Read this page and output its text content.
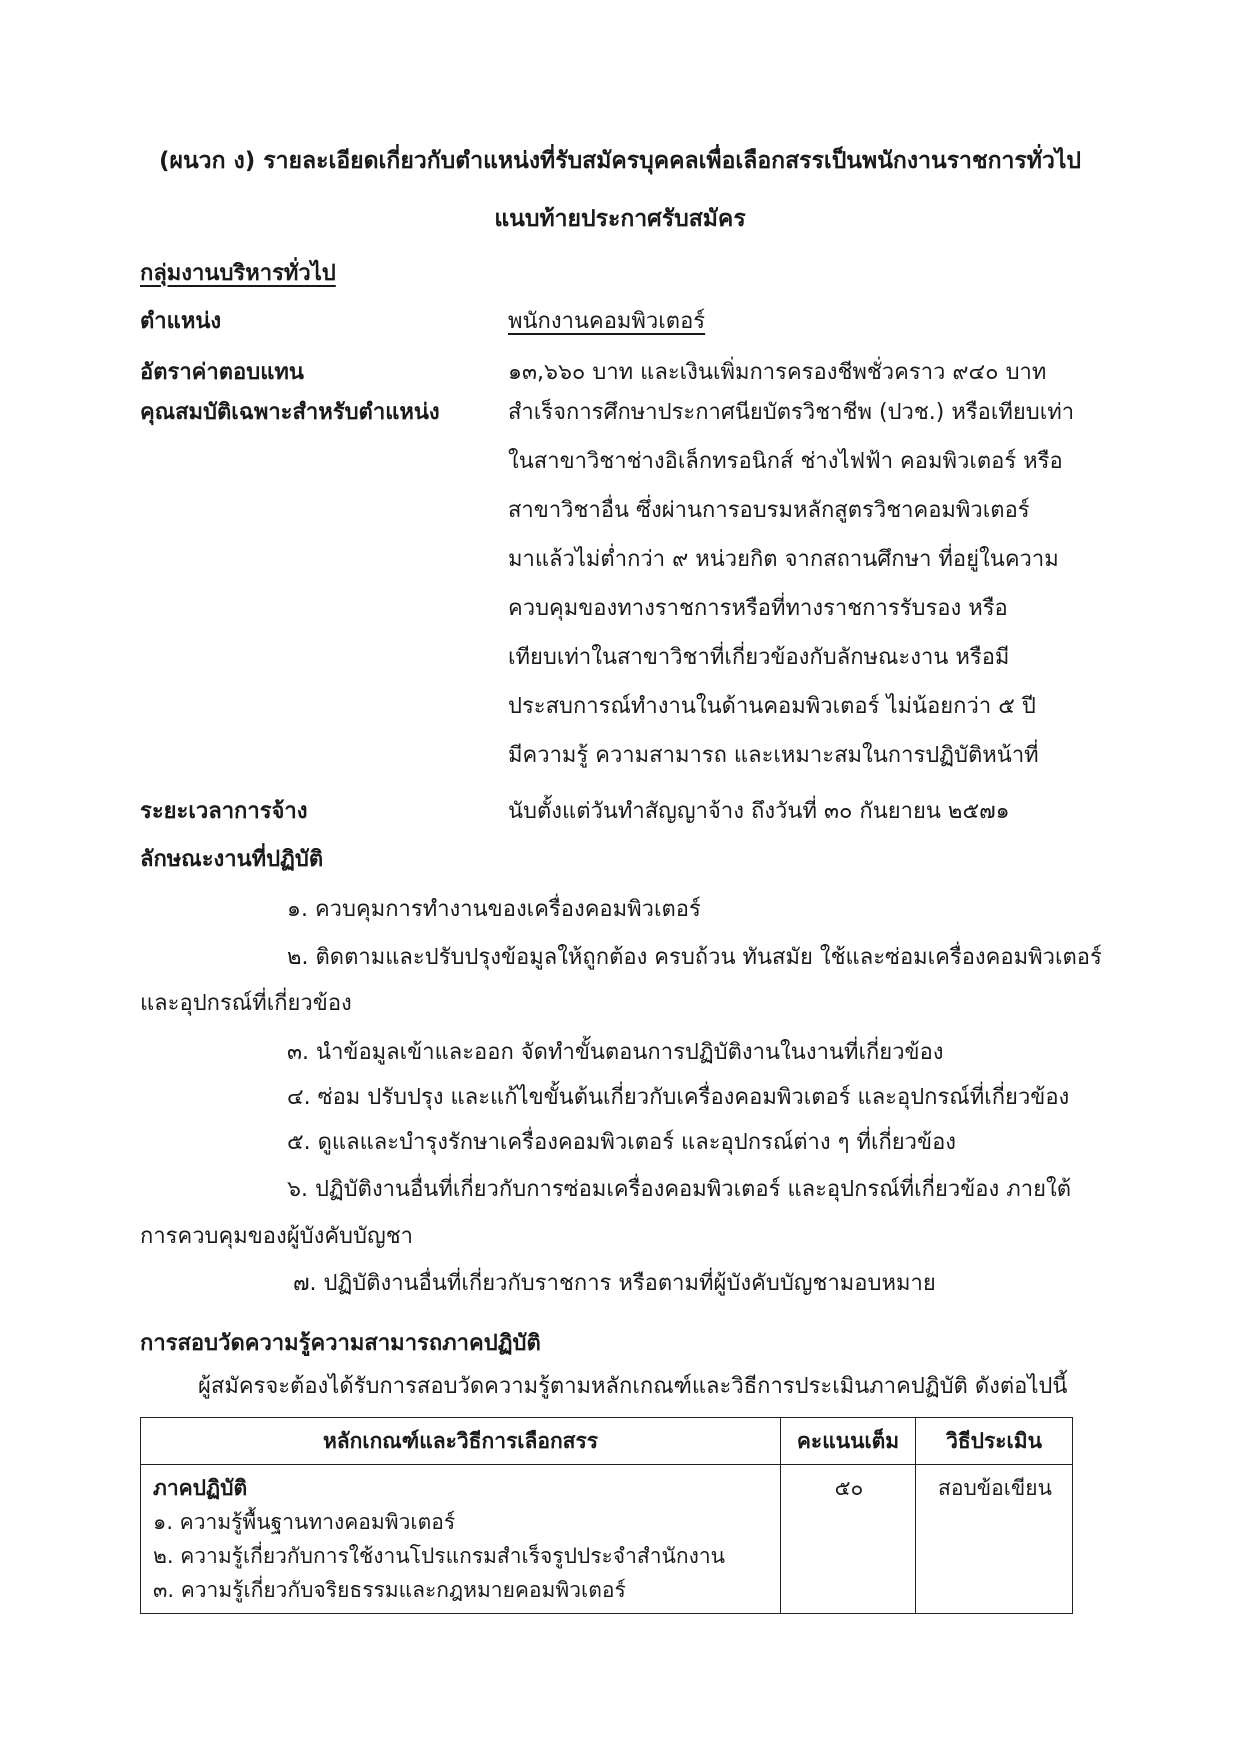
(ผนวก ง) รายละเอียดเกี่ยวกับตำแหน่งที่รับสมัครบุคคลเพื่อเลือกสรรเป็นพนักงานราชการทั่วไป
แนบท้ายประกาศรับสมัคร
กลุ่มงานบริหารทั่วไป
ตำแหน่ง	พนักงานคอมพิวเตอร์
อัตราค่าตอบแทน	๑๓,๖๖๐ บาท และเงินเพิ่มการครองชีพชั่วคราว ๙๔๐ บาท
คุณสมบัติเฉพาะสำหรับตำแหน่ง	สำเร็จการศึกษาประกาศนียบัตรวิชาชีพ (ปวช.) หรือเทียบเท่า
ในสาขาวิชาช่างอิเล็กทรอนิกส์ ช่างไฟฟ้า คอมพิวเตอร์ หรือ
สาขาวิชาอื่น ซึ่งผ่านการอบรมหลักสูตรวิชาคอมพิวเตอร์
มาแล้วไม่ต่ำกว่า ๙ หน่วยกิต จากสถานศึกษา ที่อยู่ในความ
ควบคุมของทางราชการหรือที่ทางราชการรับรอง หรือ
เทียบเท่าในสาขาวิชาที่เกี่ยวข้องกับลักษณะงาน หรือมี
ประสบการณ์ทำงานในด้านคอมพิวเตอร์ ไม่น้อยกว่า ๕ ปี
มีความรู้ ความสามารถ และเหมาะสมในการปฏิบัติหน้าที่
ระยะเวลาการจ้าง	นับตั้งแต่วันทำสัญญาจ้าง ถึงวันที่ ๓๐ กันยายน ๒๕๗๑
ลักษณะงานที่ปฏิบัติ
๑. ควบคุมการทำงานของเครื่องคอมพิวเตอร์
๒. ติดตามและปรับปรุงข้อมูลให้ถูกต้อง ครบถ้วน ทันสมัย ใช้และซ่อมเครื่องคอมพิวเตอร์
และอุปกรณ์ที่เกี่ยวข้อง
๓. นำข้อมูลเข้าและออก จัดทำขั้นตอนการปฏิบัติงานในงานที่เกี่ยวข้อง
๔. ซ่อม ปรับปรุง และแก้ไขขั้นต้นเกี่ยวกับเครื่องคอมพิวเตอร์ และอุปกรณ์ที่เกี่ยวข้อง
๕. ดูแลและบำรุงรักษาเครื่องคอมพิวเตอร์ และอุปกรณ์ต่าง ๆ ที่เกี่ยวข้อง
๖. ปฏิบัติงานอื่นที่เกี่ยวกับการซ่อมเครื่องคอมพิวเตอร์ และอุปกรณ์ที่เกี่ยวข้อง ภายใต้
การควบคุมของผู้บังคับบัญชา
๗. ปฏิบัติงานอื่นที่เกี่ยวกับราชการ หรือตามที่ผู้บังคับบัญชามอบหมาย
การสอบวัดความรู้ความสามารถภาคปฏิบัติ
ผู้สมัครจะต้องได้รับการสอบวัดความรู้ตามหลักเกณฑ์และวิธีการประเมินภาคปฏิบัติ ดังต่อไปนี้
หลักเกณฑ์และวิธีการเลือกสรร	คะแนนเต็ม	วิธีประเมิน

ภาคปฏิบัติ
๑. ความรู้พื้นฐานทางคอมพิวเตอร์
๒. ความรู้เกี่ยวกับการใช้งานโปรแกรมสำเร็จรูปประจำสำนักงาน
๓. ความรู้เกี่ยวกับจริยธรรมและกฎหมายคอมพิวเตอร์	๕๐	สอบข้อเขียน
